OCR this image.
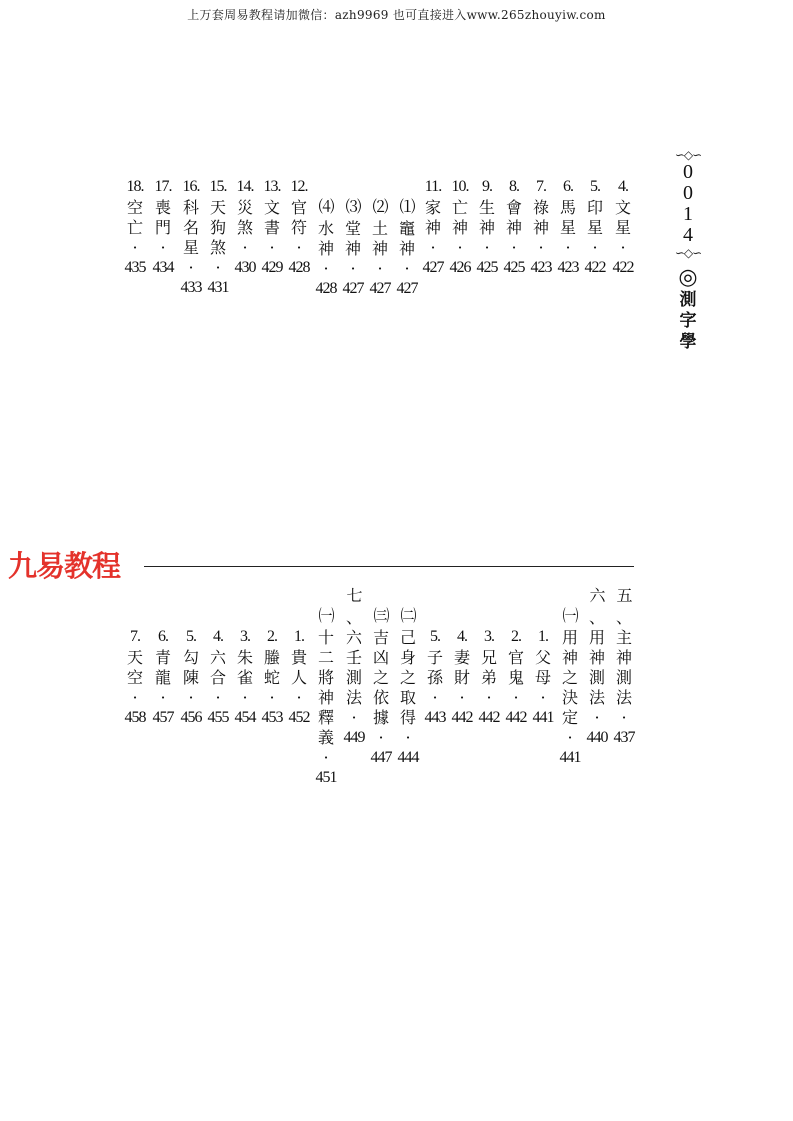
上万套周易教程请加微信：azh9969 也可直接进入www.265zhouyiw.com
4.
文
星
·
422
5.
印
星
·
422
6.
馬
星
·
423
7.
祿
神
·
423
8.
會
神
·
425
9.
生
神
·
425
10.
亡
神
·
426
11.
家
神
·
427
⑴
竈
神
·
427
⑵
土
神
·
427
⑶
堂
神
·
427
⑷
水
神
·
428
12.
官
符
·
428
13.
文
書
·
429
14.
災
煞
·
430
15.
天
狗
煞
·
431
16.
科
名
星
·
433
17.
喪
門
·
434
18.
空
亡
·
435
五
、
主
神
測
法
·
437
六
、
用
神
測
法
·
440
㈠
用
神
之
決
定
·
441
1.
父
母
·
441
2.
官
鬼
·
442
3.
兄
弟
·
442
4.
妻
財
·
442
5.
子
孫
·
443
㈡
己
身
之
取
得
·
444
㈢
吉
凶
之
依
據
·
447
七
、
六
壬
測
法
·
449
㈠
十
二
將
神
釋
義
·
451
1.
貴
人
·
452
2.
螣
蛇
·
453
3.
朱
雀
·
454
4.
六
合
·
455
5.
勾
陳
·
456
6.
青
龍
·
457
7.
天
空
·
458
∽◇∽
0
0
1
4
∽◇∽
◎
測
字
學
九易教程
